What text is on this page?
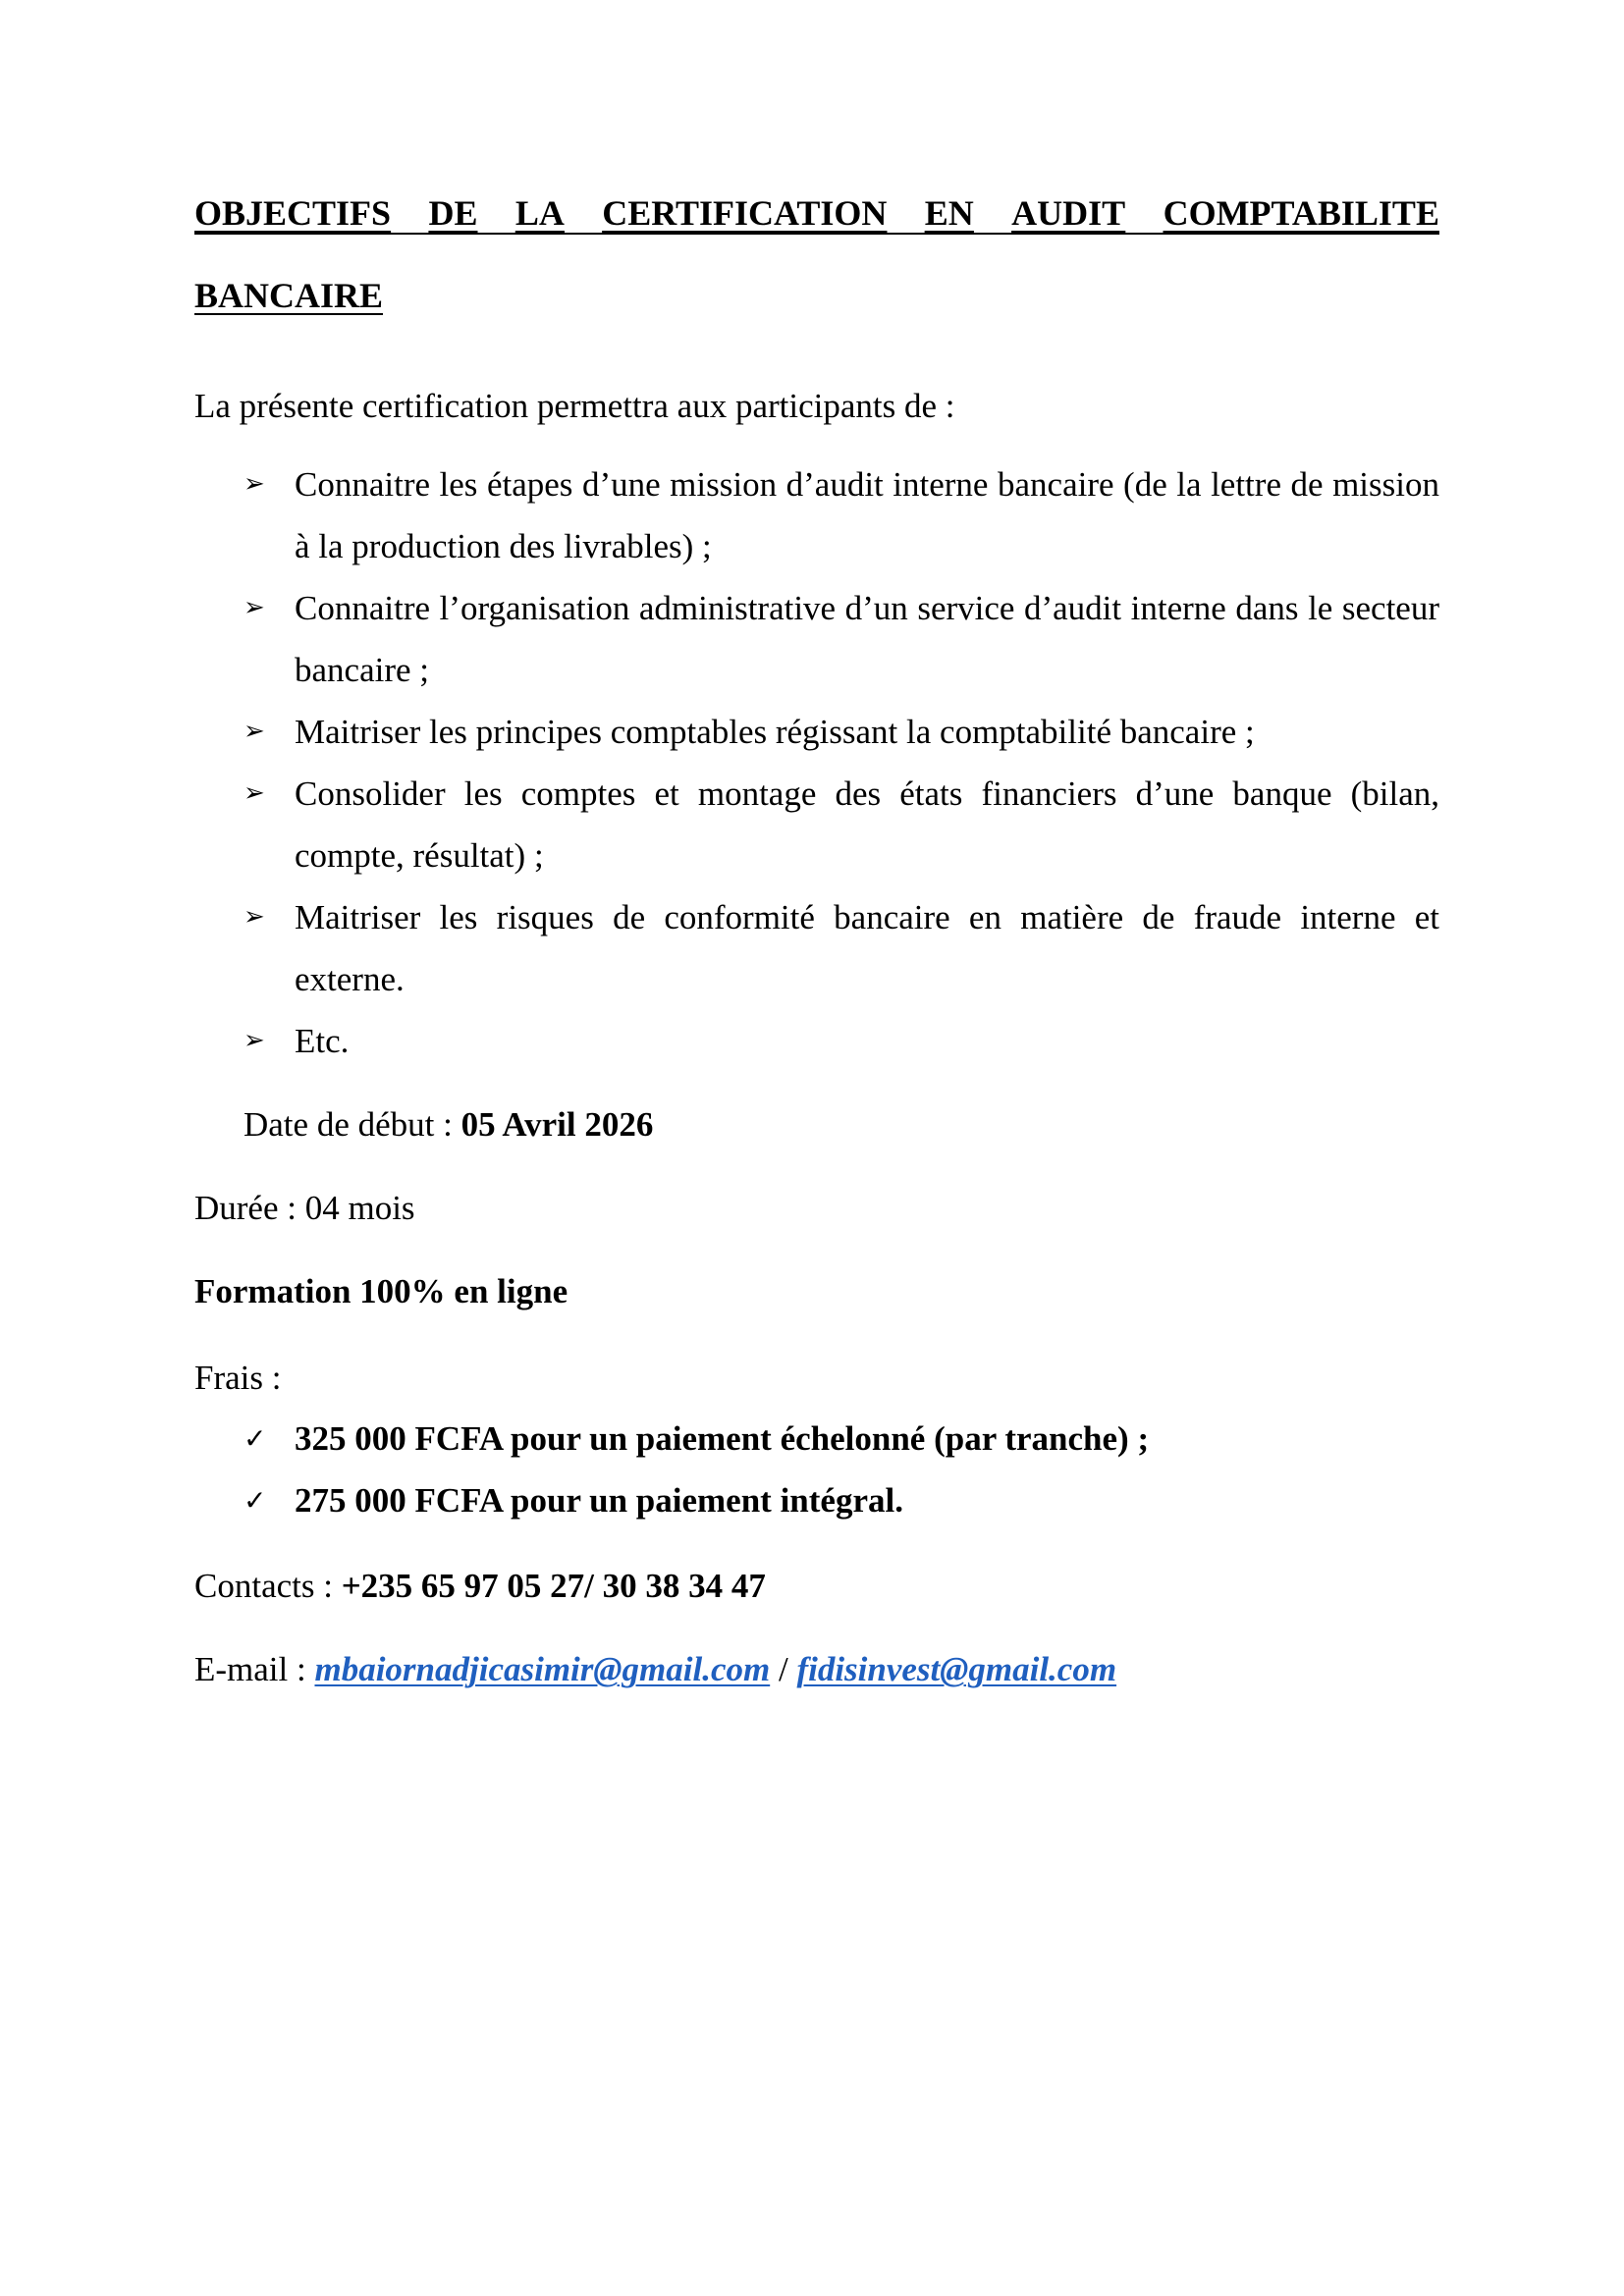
OBJECTIFS DE LA CERTIFICATION EN AUDIT COMPTABILITE
BANCAIRE
La présente certification permettra aux participants de :
➢ Connaitre les étapes d’une mission d’audit interne bancaire (de la lettre de mission à la production des livrables) ;
➢ Connaitre l’organisation administrative d’un service d’audit interne dans le secteur bancaire ;
➢ Maitriser les principes comptables régissant la comptabilité bancaire ;
➢ Consolider les comptes et montage des états financiers d’une banque (bilan, compte, résultat) ;
➢ Maitriser les risques de conformité bancaire en matière de fraude interne et externe.
➢ Etc.
Date de début : 05 Avril 2026
Durée : 04 mois
Formation 100% en ligne
Frais :
✓ 325 000 FCFA pour un paiement échelonné (par tranche) ;
✓ 275 000 FCFA pour un paiement intégral.
Contacts : +235 65 97 05 27/ 30 38 34 47
E-mail : mbaiornadjicasimir@gmail.com / fidisinvest@gmail.com
